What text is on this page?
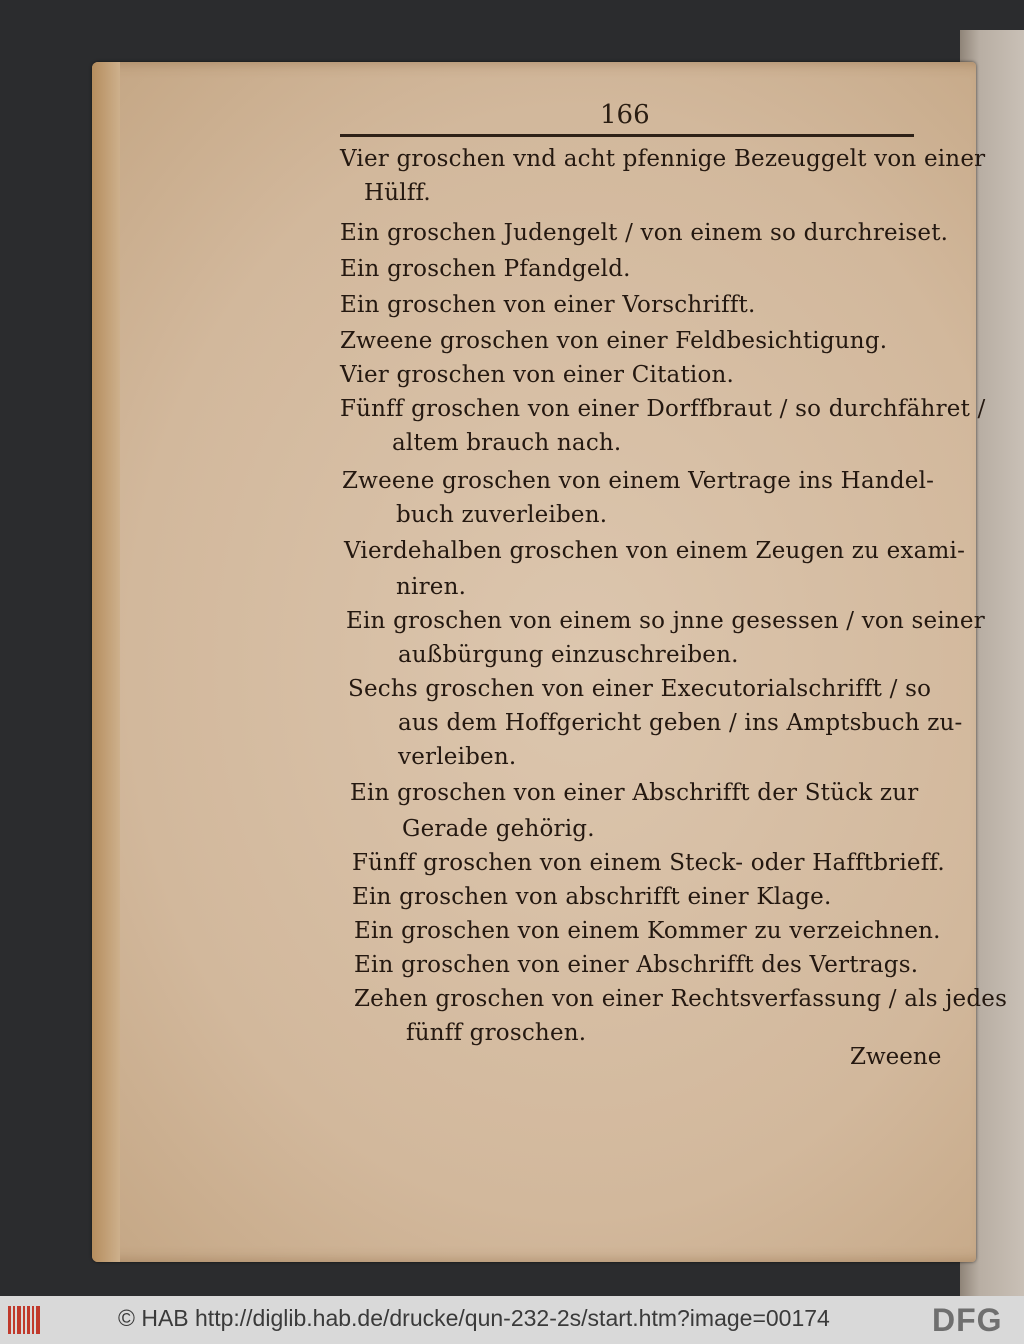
166
Vier groschen vnd acht pfennige Bezeuggelt von einer
Hülff.
Ein groschen Judengelt / von einem so durchreiset.
Ein groschen Pfandgeld.
Ein groschen von einer Vorschrifft.
Zweene groschen von einer Feldbesichtigung.
Vier groschen von einer Citation.
Fünff groschen von einer Dorffbraut / so durchfähret /
altem brauch nach.
Zweene groschen von einem Vertrage ins Handel-
buch zuverleiben.
Vierdehalben groschen von einem Zeugen zu exami-
niren.
Ein groschen von einem so jnne gesessen / von seiner
außbürgung einzuschreiben.
Sechs groschen von einer Executorialschrifft / so
aus dem Hoffgericht geben / ins Amptsbuch zu-
verleiben.
Ein groschen von einer Abschrifft der Stück zur
Gerade gehörig.
Fünff groschen von einem Steck- oder Hafftbrieff.
Ein groschen von abschrifft einer Klage.
Ein groschen von einem Kommer zu verzeichnen.
Ein groschen von einer Abschrifft des Vertrags.
Zehen groschen von einer Rechtsverfassung / als jedes
fünff groschen.
Zweene
© HAB http://diglib.hab.de/drucke/qun-232-2s/start.htm?image=00174	DFG
